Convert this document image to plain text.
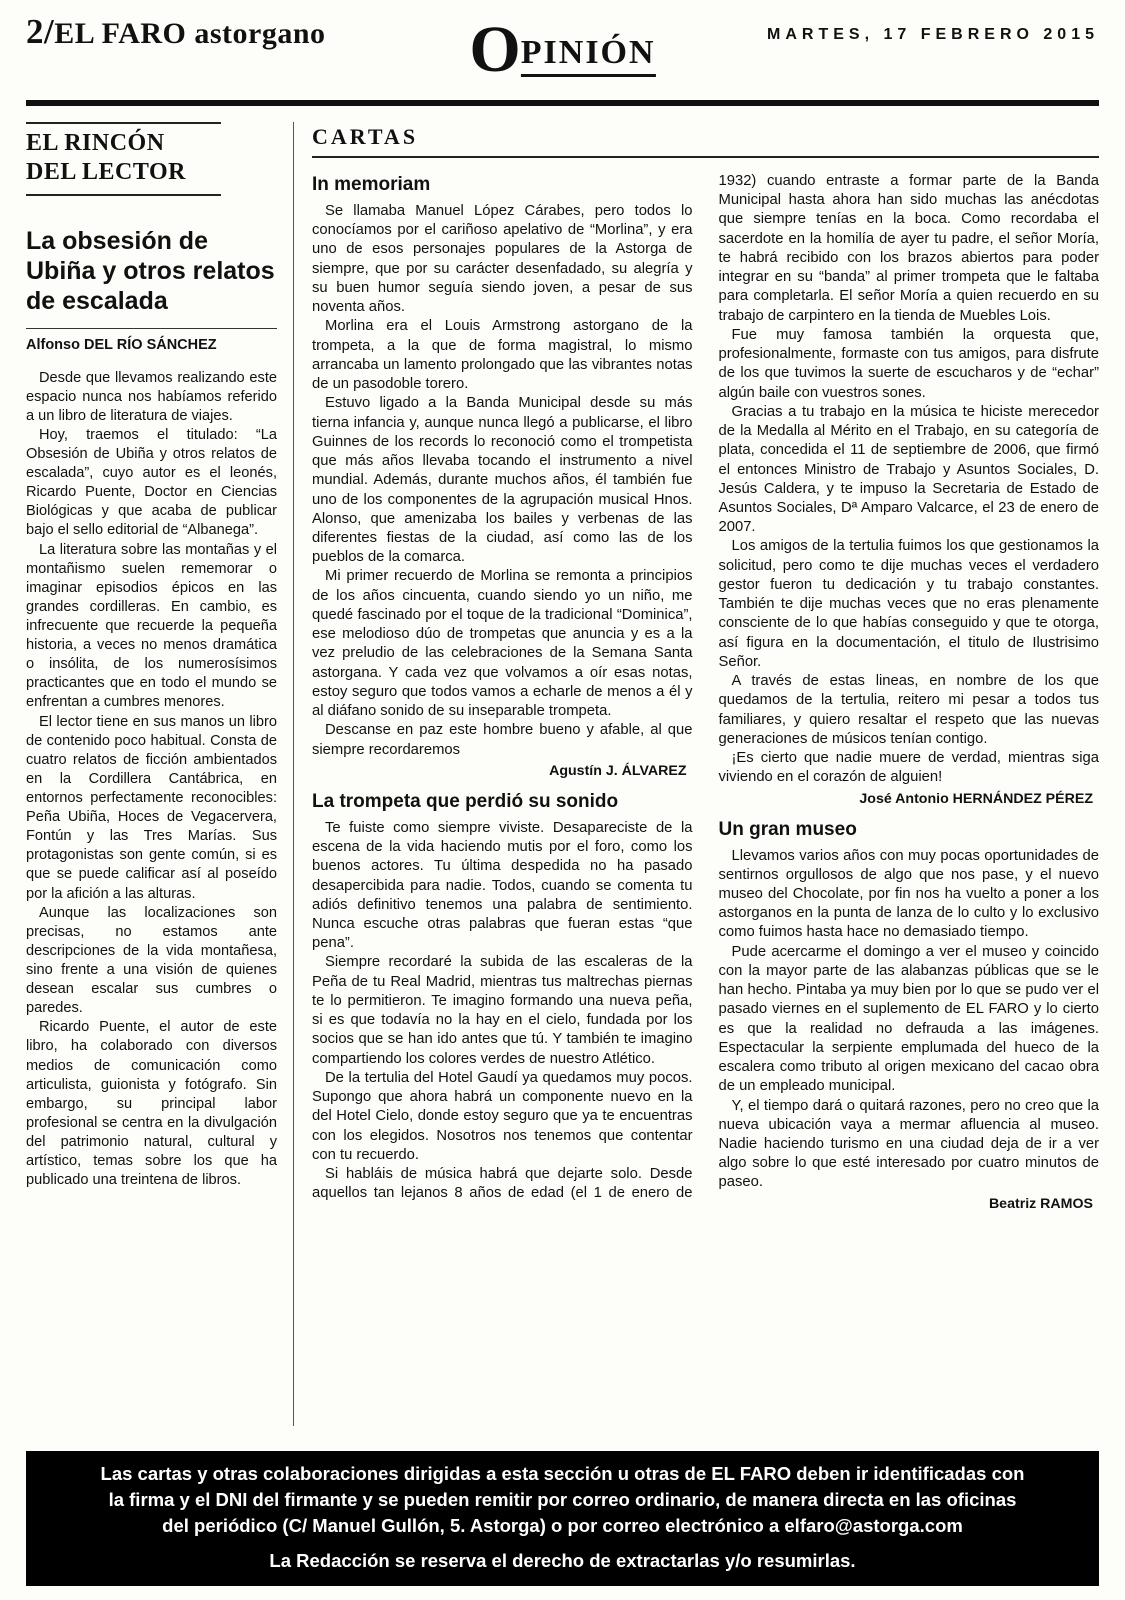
2/EL FARO astorgano OPINIÓN	MARTES, 17 FEBRERO 2015
EL RINCÓN DEL LECTOR
La obsesión de Ubiña y otros relatos de escalada
Alfonso DEL RÍO SÁNCHEZ

Desde que llevamos realizando este espacio nunca nos habíamos referido a un libro de literatura de viajes.

Hoy, traemos el titulado: “La Obsesión de Ubiña y otros relatos de escalada”, cuyo autor es el leonés, Ricardo Puente, Doctor en Ciencias Biológicas y que acaba de publicar bajo el sello editorial de “Albanega”.

La literatura sobre las montañas y el montañismo suelen rememorar o imaginar episodios épicos en las grandes cordilleras. En cambio, es infrecuente que recuerde la pequeña historia, a veces no menos dramática o insólita, de los numerosísimos practicantes que en todo el mundo se enfrentan a cumbres menores.

El lector tiene en sus manos un libro de contenido poco habitual. Consta de cuatro relatos de ficción ambientados en la Cordillera Cantábrica, en entornos perfectamente reconocibles: Peña Ubiña, Hoces de Vegacervera, Fontún y las Tres Marías. Sus protagonistas son gente común, si es que se puede calificar así al poseído por la afición a las alturas.

Aunque las localizaciones son precisas, no estamos ante descripciones de la vida montañesa, sino frente a una visión de quienes desean escalar sus cumbres o paredes.

Ricardo Puente, el autor de este libro, ha colaborado con diversos medios de comunicación como articulista, guionista y fotógrafo. Sin embargo, su principal labor profesional se centra en la divulgación del patrimonio natural, cultural y artístico, temas sobre los que ha publicado una treintena de libros.

CARTAS
In memoriam

Se llamaba Manuel López Cárabes, pero todos lo conocíamos por el cariñoso apelativo de “Morlina”, y era uno de esos personajes populares de la Astorga de siempre, que por su carácter desenfadado, su alegría y su buen humor seguía siendo joven, a pesar de sus noventa años.

Morlina era el Louis Armstrong astorgano de la trompeta, a la que de forma magistral, lo mismo arrancaba un lamento prolongado que las vibrantes notas de un pasodoble torero.

Estuvo ligado a la Banda Municipal desde su más tierna infancia y, aunque nunca llegó a publicarse, el libro Guinnes de los records lo reconoció como el trompetista que más años llevaba tocando el instrumento a nivel mundial. Además, durante muchos años, él también fue uno de los componentes de la agrupación musical Hnos. Alonso, que amenizaba los bailes y verbenas de las diferentes fiestas de la ciudad, así como las de los pueblos de la comarca.

Mi primer recuerdo de Morlina se remonta a principios de los años cincuenta, cuando siendo yo un niño, me quedé fascinado por el toque de la tradicional “Dominica”, ese melodioso dúo de trompetas que anuncia y es a la vez preludio de las celebraciones de la Semana Santa astorgana. Y cada vez que volvamos a oír esas notas, estoy seguro que todos vamos a echarle de menos a él y al diáfano sonido de su inseparable trompeta.

Descanse en paz este hombre bueno y afable, al que siempre recordaremos

Agustín J. ÁLVAREZ
La trompeta que perdió su sonido

Te fuiste como siempre viviste. Desapareciste de la escena de la vida haciendo mutis por el foro, como los buenos actores. Tu última despedida no ha pasado desapercibida para nadie. Todos, cuando se comenta tu adiós definitivo tenemos una palabra de sentimiento. Nunca escuche otras palabras que fueran estas “que pena”.

Siempre recordaré la subida de las escaleras de la Peña de tu Real Madrid, mientras tus maltrechas piernas te lo permitieron. Te imagino formando una nueva peña, si es que todavía no la hay en el cielo, fundada por los socios que se han ido antes que tú. Y también te imagino compartiendo los colores verdes de nuestro Atlético.

De la tertulia del Hotel Gaudí ya quedamos muy pocos. Supongo que ahora habrá un componente nuevo en la del Hotel Cielo, donde estoy seguro que ya te encuentras con los elegidos. Nosotros nos tenemos que contentar con tu recuerdo.

Si habláis de música habrá que dejarte solo. Desde aquellos tan lejanos 8 años de edad (el 1 de enero de 1932) cuando entraste a formar parte de la Banda Municipal hasta ahora han sido muchas las anécdotas que siempre tenías en la boca. Como recordaba el sacerdote en la homilía de ayer tu padre, el señor Moría, te habrá recibido con los brazos abiertos para poder integrar en su “banda” al primer trompeta que le faltaba para completarla. El señor Moría a quien recuerdo en su trabajo de carpintero en la tienda de Muebles Lois.

Fue muy famosa también la orquesta que, profesionalmente, formaste con tus amigos, para disfrute de los que tuvimos la suerte de escucharos y de “echar” algún baile con vuestros sones.

Gracias a tu trabajo en la música te hiciste merecedor de la Medalla al Mérito en el Trabajo, en su categoría de plata, concedida el 11 de septiembre de 2006, que firmó el entonces Ministro de Trabajo y Asuntos Sociales, D. Jesús Caldera, y te impuso la Secretaria de Estado de Asuntos Sociales, Dª Amparo Valcarce, el 23 de enero de 2007.

Los amigos de la tertulia fuimos los que gestionamos la solicitud, pero como te dije muchas veces el verdadero gestor fueron tu dedicación y tu trabajo constantes. También te dije muchas veces que no eras plenamente consciente de lo que habías conseguido y que te otorga, así figura en la documentación, el titulo de Ilustrisimo Señor.

A través de estas lineas, en nombre de los que quedamos de la tertulia, reitero mi pesar a todos tus familiares, y quiero resaltar el respeto que las nuevas generaciones de músicos tenían contigo.

¡Es cierto que nadie muere de verdad, mientras siga viviendo en el corazón de alguien!

José Antonio HERNÁNDEZ PÉREZ
Un gran museo

Llevamos varios años con muy pocas oportunidades de sentirnos orgullosos de algo que nos pase, y el nuevo museo del Chocolate, por fin nos ha vuelto a poner a los astorganos en la punta de lanza de lo culto y lo exclusivo como fuimos hasta hace no demasiado tiempo.

Pude acercarme el domingo a ver el museo y coincido con la mayor parte de las alabanzas públicas que se le han hecho. Pintaba ya muy bien por lo que se pudo ver el pasado viernes en el suplemento de EL FARO y lo cierto es que la realidad no defrauda a las imágenes. Espectacular la serpiente emplumada del hueco de la escalera como tributo al origen mexicano del cacao obra de un empleado municipal.

Y, el tiempo dará o quitará razones, pero no creo que la nueva ubicación vaya a mermar afluencia al museo. Nadie haciendo turismo en una ciudad deja de ir a ver algo sobre lo que esté interesado por cuatro minutos de paseo.

Beatriz RAMOS
Las cartas y otras colaboraciones dirigidas a esta sección u otras de EL FARO deben ir identificadas con
la firma y el DNI del firmante y se pueden remitir por correo ordinario, de manera directa en las oficinas
del periódico (C/ Manuel Gullón, 5. Astorga) o por correo electrónico a elfaro@astorga.com
La Redacción se reserva el derecho de extractarlas y/o resumirlas.
